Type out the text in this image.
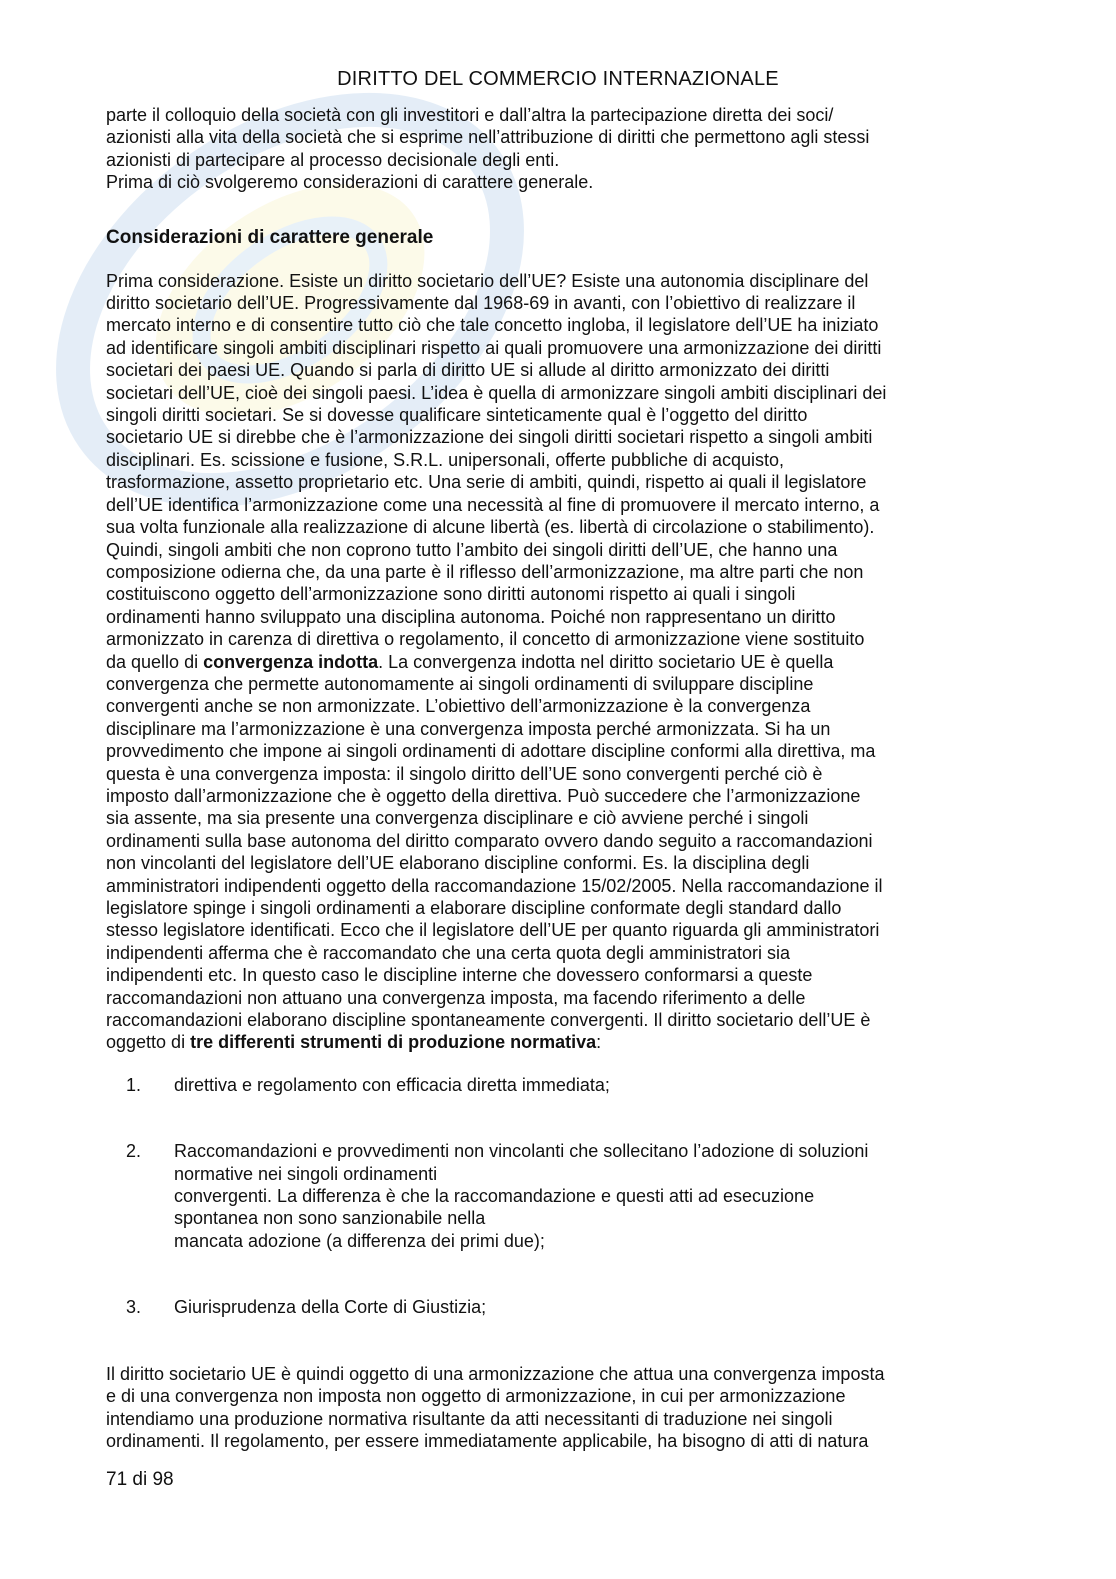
DIRITTO DEL COMMERCIO INTERNAZIONALE

parte il colloquio della società con gli investitori e dall’altra la partecipazione diretta dei soci/

azionisti alla vita della società che si esprime nell’attribuzione di diritti che permettono agli stessi

azionisti di partecipare al processo decisionale degli enti.

Prima di ciò svolgeremo considerazioni di carattere generale.

Considerazioni di carattere generale

Prima considerazione. Esiste un diritto societario dell’UE? Esiste una autonomia disciplinare del

diritto societario dell’UE. Progressivamente dal 1968-69 in avanti, con l’obiettivo di realizzare il

mercato interno e di consentire tutto ciò che tale concetto ingloba, il legislatore dell’UE ha iniziato

ad identificare singoli ambiti disciplinari rispetto ai quali promuovere una armonizzazione dei diritti

societari dei paesi UE. Quando si parla di diritto UE si allude al diritto armonizzato dei diritti

societari dell’UE, cioè dei singoli paesi. L’idea è quella di armonizzare singoli ambiti disciplinari dei

singoli diritti societari. Se si dovesse qualificare sinteticamente qual è l’oggetto del diritto

societario UE si direbbe che è l’armonizzazione dei singoli diritti societari rispetto a singoli ambiti

disciplinari. Es. scissione e fusione, S.R.L. unipersonali, offerte pubbliche di acquisto,

trasformazione, assetto proprietario etc. Una serie di ambiti, quindi, rispetto ai quali il legislatore

dell’UE identifica l’armonizzazione come una necessità al fine di promuovere il mercato interno, a

sua volta funzionale alla realizzazione di alcune libertà (es. libertà di circolazione o stabilimento).

Quindi, singoli ambiti che non coprono tutto l’ambito dei singoli diritti dell’UE, che hanno una

composizione odierna che, da una parte è il riflesso dell’armonizzazione, ma altre parti che non

costituiscono oggetto dell’armonizzazione sono diritti autonomi rispetto ai quali i singoli

ordinamenti hanno sviluppato una disciplina autonoma. Poiché non rappresentano un diritto

armonizzato in carenza di direttiva o regolamento, il concetto di armonizzazione viene sostituito

da quello di convergenza indotta. La convergenza indotta nel diritto societario UE è quella

convergenza che permette autonomamente ai singoli ordinamenti di sviluppare discipline

convergenti anche se non armonizzate. L’obiettivo dell’armonizzazione è la convergenza

disciplinare ma l’armonizzazione è una convergenza imposta perché armonizzata. Si ha un

provvedimento che impone ai singoli ordinamenti di adottare discipline conformi alla direttiva, ma

questa è una convergenza imposta: il singolo diritto dell’UE sono convergenti perché ciò è

imposto dall’armonizzazione che è oggetto della direttiva. Può succedere che l’armonizzazione

sia assente, ma sia presente una convergenza disciplinare e ciò avviene perché i singoli

ordinamenti sulla base autonoma del diritto comparato ovvero dando seguito a raccomandazioni

non vincolanti del legislatore dell’UE elaborano discipline conformi. Es. la disciplina degli

amministratori indipendenti oggetto della raccomandazione 15/02/2005. Nella raccomandazione il

legislatore spinge i singoli ordinamenti a elaborare discipline conformate degli standard dallo

stesso legislatore identificati. Ecco che il legislatore dell’UE per quanto riguarda gli amministratori

indipendenti afferma che è raccomandato che una certa quota degli amministratori sia

indipendenti etc. In questo caso le discipline interne che dovessero conformarsi a queste

raccomandazioni non attuano una convergenza imposta, ma facendo riferimento a delle

raccomandazioni elaborano discipline spontaneamente convergenti. Il diritto societario dell’UE è

oggetto di tre differenti strumenti di produzione normativa:

1.	direttiva e regolamento con efficacia diretta immediata;

2.	Raccomandazioni e provvedimenti non vincolanti che sollecitano l’adozione di soluzioni

normative nei singoli ordinamenti

convergenti. La differenza è che la raccomandazione e questi atti ad esecuzione

spontanea non sono sanzionabile nella

mancata adozione (a differenza dei primi due);

3.	Giurisprudenza della Corte di Giustizia;

Il diritto societario UE è quindi oggetto di una armonizzazione che attua una convergenza imposta

e di una convergenza non imposta non oggetto di armonizzazione, in cui per armonizzazione

intendiamo una produzione normativa risultante da atti necessitanti di traduzione nei singoli

ordinamenti. Il regolamento, per essere immediatamente applicabile, ha bisogno di atti di natura

71 di 98
